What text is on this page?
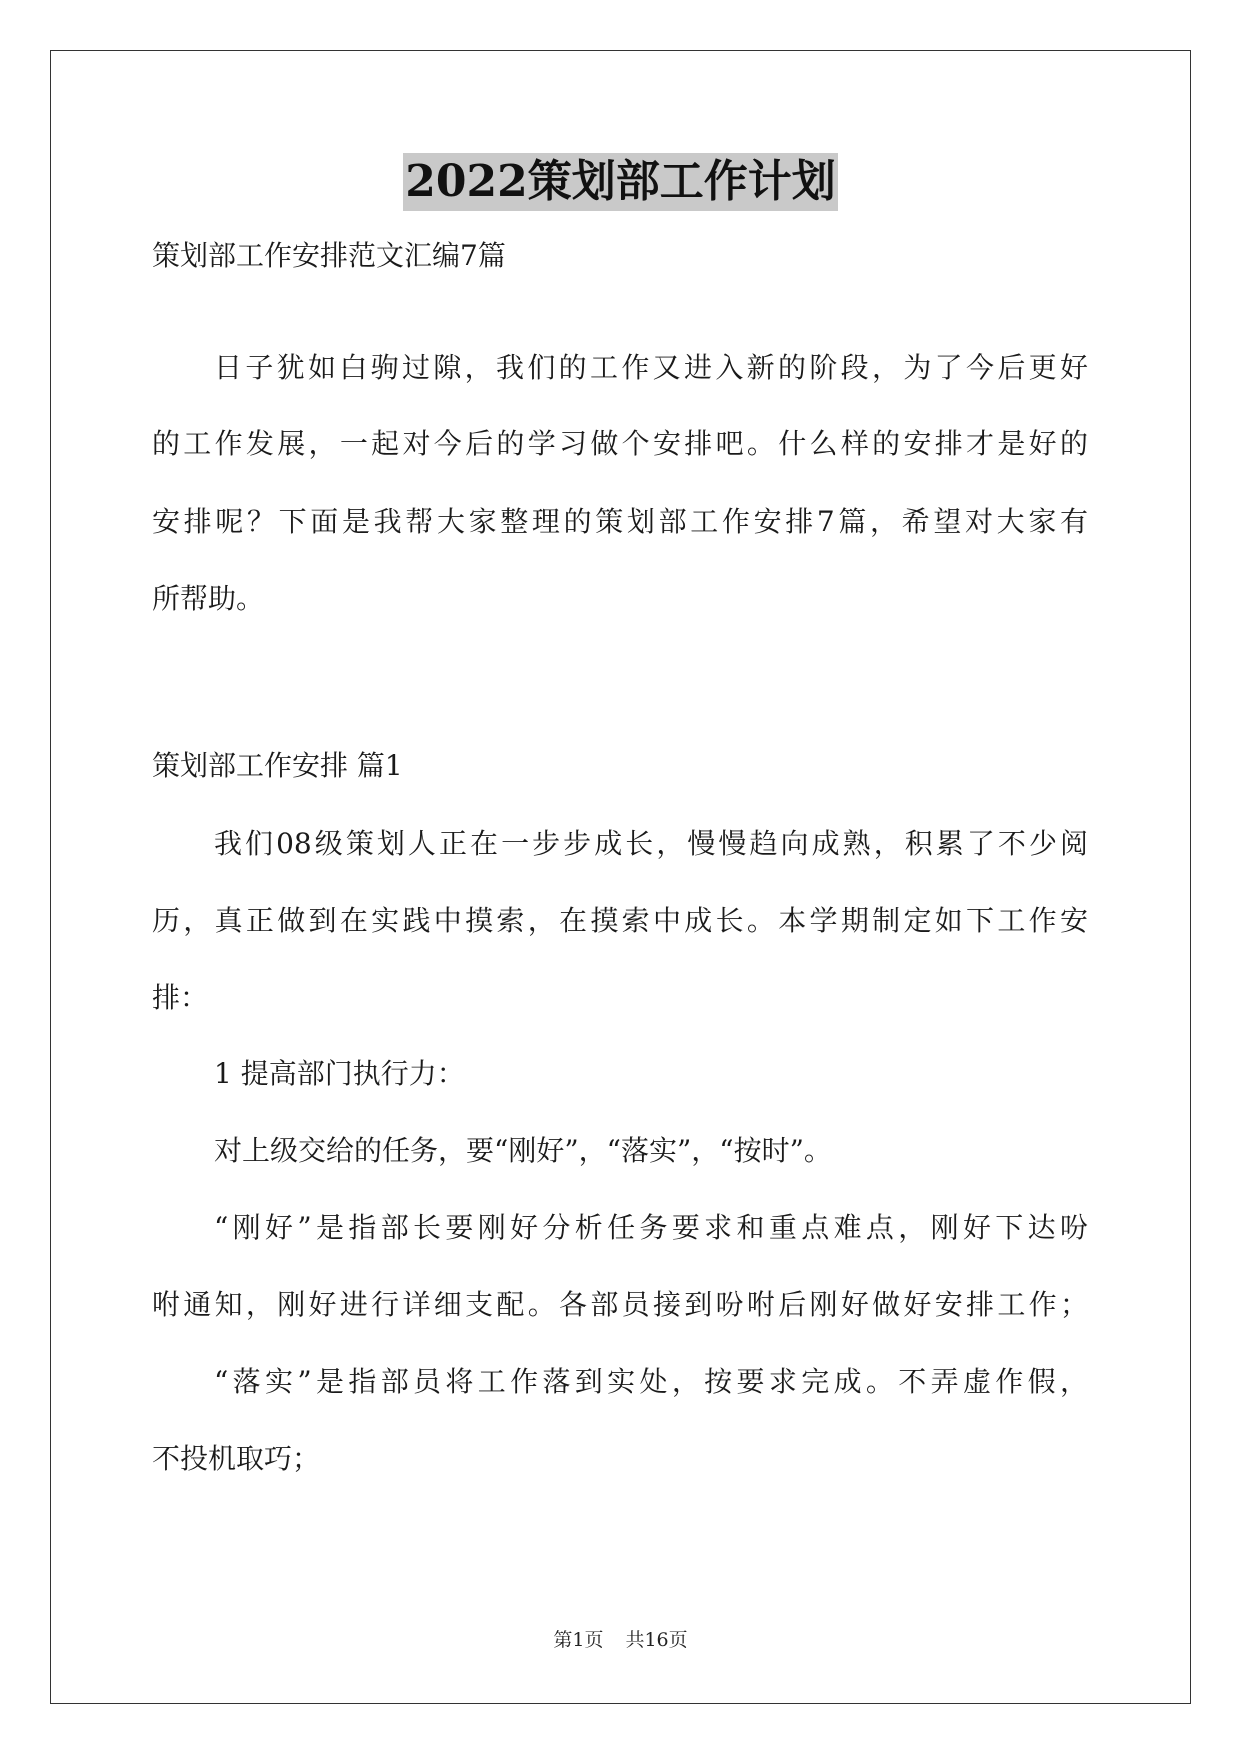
2022策划部工作计划
策划部工作安排范文汇编7篇
日子犹如白驹过隙，我们的工作又进入新的阶段，为了今后更好
的工作发展，一起对今后的学习做个安排吧。什么样的安排才是好的
安排呢？下面是我帮大家整理的策划部工作安排7篇，希望对大家有
所帮助。
策划部工作安排 篇1
我们08级策划人正在一步步成长，慢慢趋向成熟，积累了不少阅
历，真正做到在实践中摸索，在摸索中成长。本学期制定如下工作安
排：
1 提高部门执行力：
对上级交给的任务，要“刚好”，“落实”，“按时”。
“刚好”是指部长要刚好分析任务要求和重点难点，刚好下达吩
咐通知，刚好进行详细支配。各部员接到吩咐后刚好做好安排工作；
“落实”是指部员将工作落到实处，按要求完成。不弄虚作假，
不投机取巧；
第1页 共16页
